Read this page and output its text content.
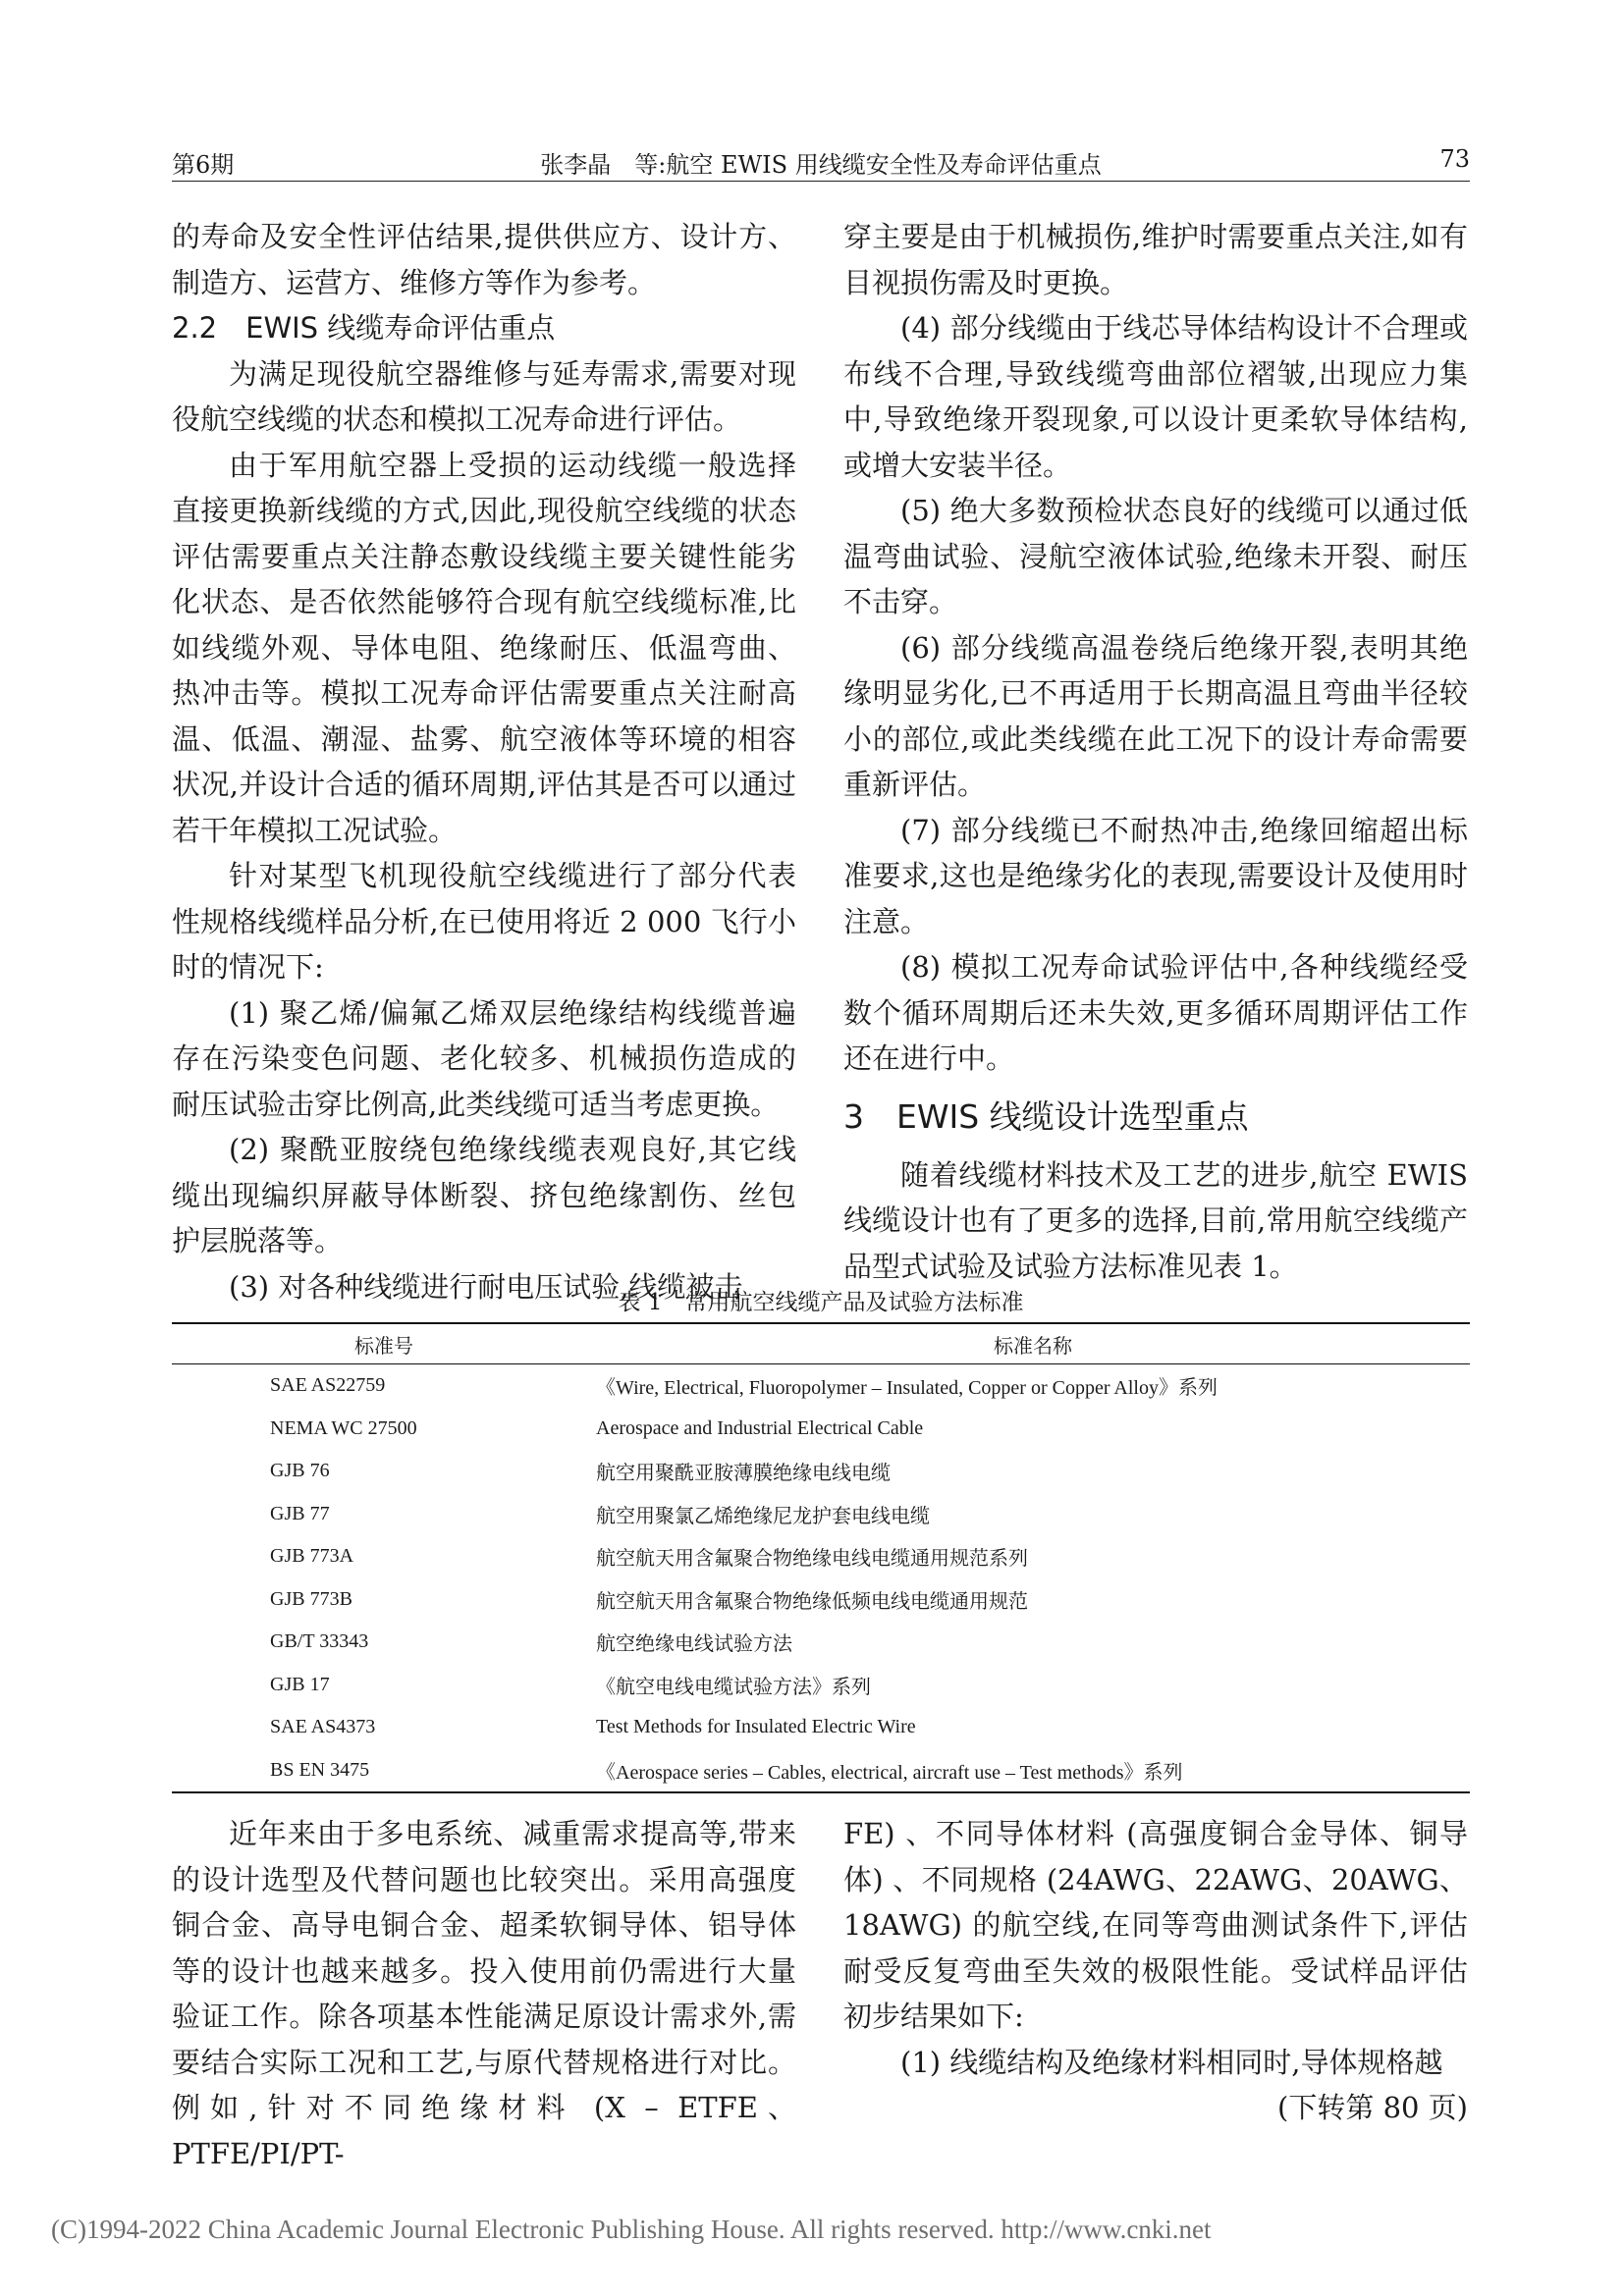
第6期	张李晶　等:航空 EWIS 用线缆安全性及寿命评估重点	73

的寿命及安全性评估结果,提供供应方、设计方、制造方、运营方、维修方等作为参考。

2.2　EWIS 线缆寿命评估重点

为满足现役航空器维修与延寿需求,需要对现役航空线缆的状态和模拟工况寿命进行评估。

由于军用航空器上受损的运动线缆一般选择直接更换新线缆的方式,因此,现役航空线缆的状态评估需要重点关注静态敷设线缆主要关键性能劣化状态、是否依然能够符合现有航空线缆标准,比如线缆外观、导体电阻、绝缘耐压、低温弯曲、热冲击等。模拟工况寿命评估需要重点关注耐高温、低温、潮湿、盐雾、航空液体等环境的相容状况,并设计合适的循环周期,评估其是否可以通过若干年模拟工况试验。

针对某型飞机现役航空线缆进行了部分代表性规格线缆样品分析,在已使用将近 2 000 飞行小时的情况下:

(1) 聚乙烯/偏氟乙烯双层绝缘结构线缆普遍存在污染变色问题、老化较多、机械损伤造成的耐压试验击穿比例高,此类线缆可适当考虑更换。

(2) 聚酰亚胺绕包绝缘线缆表观良好,其它线缆出现编织屏蔽导体断裂、挤包绝缘割伤、丝包护层脱落等。

(3) 对各种线缆进行耐电压试验,线缆被击

穿主要是由于机械损伤,维护时需要重点关注,如有目视损伤需及时更换。

(4) 部分线缆由于线芯导体结构设计不合理或布线不合理,导致线缆弯曲部位褶皱,出现应力集中,导致绝缘开裂现象,可以设计更柔软导体结构,或增大安装半径。

(5) 绝大多数预检状态良好的线缆可以通过低温弯曲试验、浸航空液体试验,绝缘未开裂、耐压不击穿。

(6) 部分线缆高温卷绕后绝缘开裂,表明其绝缘明显劣化,已不再适用于长期高温且弯曲半径较小的部位,或此类线缆在此工况下的设计寿命需要重新评估。

(7) 部分线缆已不耐热冲击,绝缘回缩超出标准要求,这也是绝缘劣化的表现,需要设计及使用时注意。

(8) 模拟工况寿命试验评估中,各种线缆经受数个循环周期后还未失效,更多循环周期评估工作还在进行中。

3　EWIS 线缆设计选型重点

随着线缆材料技术及工艺的进步,航空 EWIS 线缆设计也有了更多的选择,目前,常用航空线缆产品型式试验及试验方法标准见表 1。

表 1　常用航空线缆产品及试验方法标准
标准号	标准名称
SAE AS22759	《Wire, Electrical, Fluoropolymer – Insulated, Copper or Copper Alloy》系列
NEMA WC 27500	Aerospace and Industrial Electrical Cable
GJB 76	航空用聚酰亚胺薄膜绝缘电线电缆
GJB 77	航空用聚氯乙烯绝缘尼龙护套电线电缆
GJB 773A	航空航天用含氟聚合物绝缘电线电缆通用规范系列
GJB 773B	航空航天用含氟聚合物绝缘低频电线电缆通用规范
GB/T 33343	航空绝缘电线试验方法
GJB 17	《航空电线电缆试验方法》系列
SAE AS4373	Test Methods for Insulated Electric Wire
BS EN 3475	《Aerospace series – Cables, electrical, aircraft use – Test methods》系列

近年来由于多电系统、减重需求提高等,带来的设计选型及代替问题也比较突出。采用高强度铜合金、高导电铜合金、超柔软铜导体、铝导体等的设计也越来越多。投入使用前仍需进行大量验证工作。除各项基本性能满足原设计需求外,需要结合实际工况和工艺,与原代替规格进行对比。例如,针对不同绝缘材料 (X – ETFE、PTFE/PI/PT-

FE) 、不同导体材料 (高强度铜合金导体、铜导体) 、不同规格 (24AWG、22AWG、20AWG、18AWG) 的航空线,在同等弯曲测试条件下,评估耐受反复弯曲至失效的极限性能。受试样品评估初步结果如下:

(1) 线缆结构及绝缘材料相同时,导体规格越

(下转第 80 页)

(C)1994-2022 China Academic Journal Electronic Publishing House. All rights reserved. http://www.cnki.net
